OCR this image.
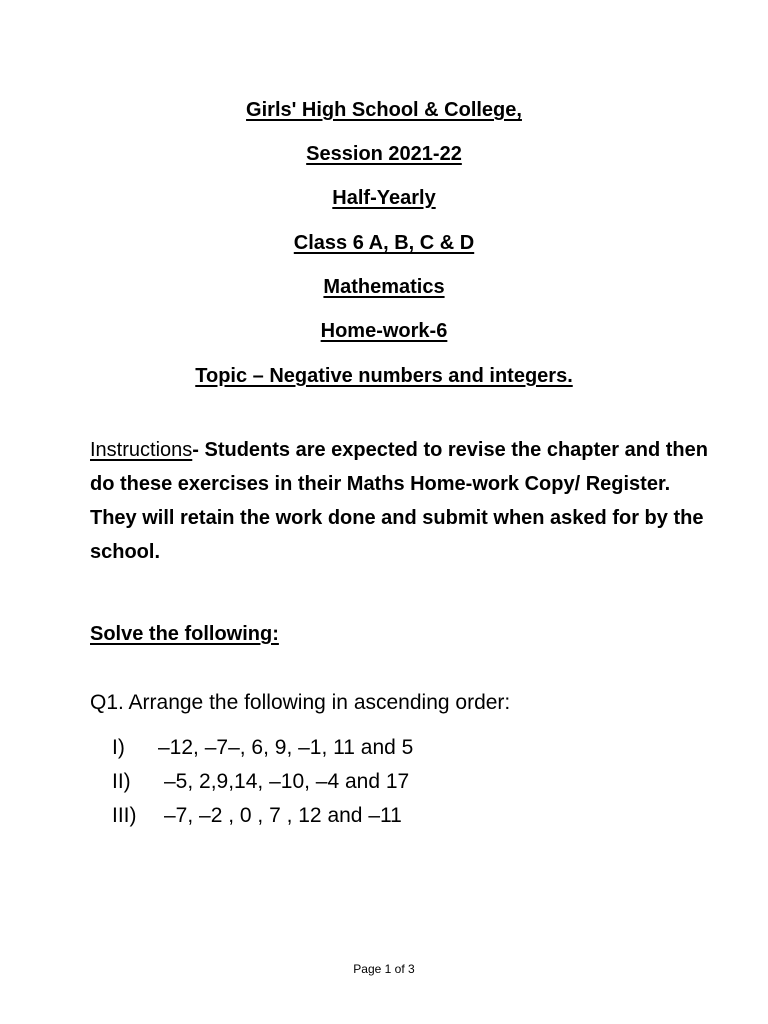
Girls' High School & College,
Session 2021-22
Half-Yearly
Class 6 A, B, C & D
Mathematics
Home-work-6
Topic – Negative numbers and integers.
Instructions- Students are expected to revise the chapter and then do these exercises in their Maths Home-work Copy/ Register. They will retain the work done and submit when asked for by the school.
Solve the following:
Q1. Arrange the following in ascending order:
I) –12, –7–, 6, 9, –1, 11 and 5
II) –5, 2,9,14, –10, –4 and 17
III) –7, –2 , 0 , 7 , 12 and –11
Page 1 of 3
